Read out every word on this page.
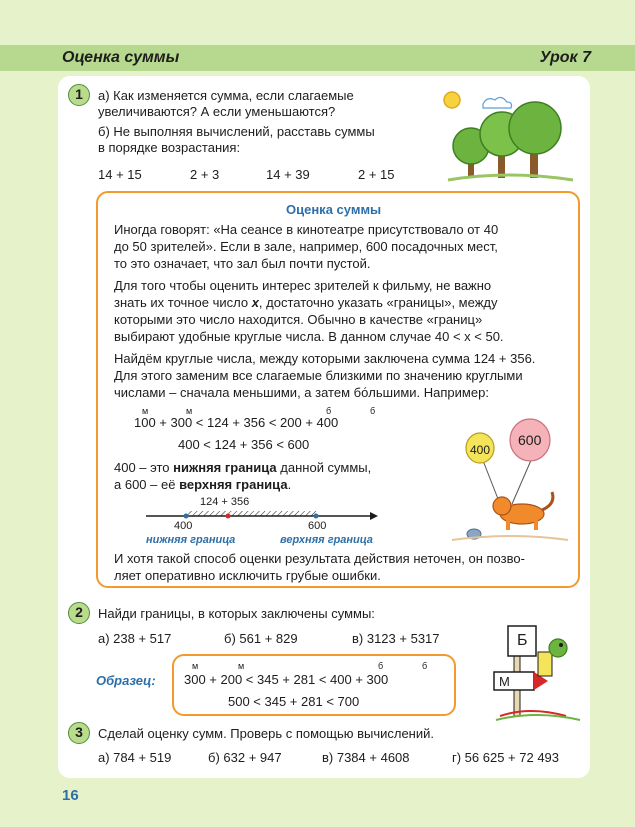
Оценка суммы	Урок 7
1	а) Как изменяется сумма, если слагаемые
увеличиваются? А если уменьшаются?
б) Не выполняя вычислений, расставь суммы
в порядке возрастания:
14 + 15	2 + 3	14 + 39	2 + 15
Оценка суммы
Иногда говорят: «На сеансе в кинотеатре присутствовало от 40
до 50 зрителей». Если в зале, например, 600 посадочных мест,
то это означает, что зал был почти пустой.
Для того чтобы оценить интерес зрителей к фильму, не важно
знать их точное число x, достаточно указать «границы», между
которыми это число находится. Обычно в качестве «границ»
выбирают удобные круглые числа. В данном случае 40 < x < 50.
Найдём круглые числа, между которыми заключена сумма 124 + 356.
Для этого заменим все слагаемые близкими по значению круглыми
числами – сначала меньшими, а затем бо́льшими. Например:
м	м	б	б
100 + 300 < 124 + 356 < 200 + 400
400 < 124 + 356 < 600
400 – это нижняя граница данной суммы,
а 600 – её верхняя граница.
124 + 356
400	600
нижняя граница	верхняя граница
400
600
И хотя такой способ оценки результата действия неточен, он позво-
ляет оперативно исключить грубые ошибки.
2	Найди границы, в которых заключены суммы:
а) 238 + 517	б) 561 + 829	в) 3123 + 5317
Образец:
м	м	б	б
300 + 200 < 345 + 281 < 400 + 300
500 < 345 + 281 < 700
Б
М
3	Сделай оценку сумм. Проверь с помощью вычислений.
а) 784 + 519	б) 632 + 947	в) 7384 + 4608	г) 56 625 + 72 493
16
